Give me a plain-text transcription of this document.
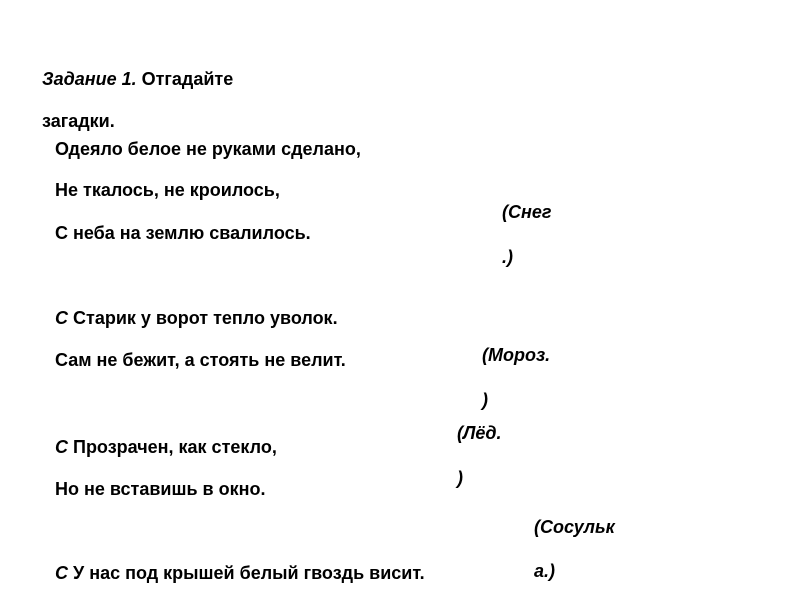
Задание 1. Отгадайте
загадки.
Одеяло белое не руками сделано,
Не ткалось, не кроилось,
С неба на землю свалилось.
(Снег
.)
С Старик у ворот тепло уволок.
Сам не бежит, а стоять не велит.	(Мороз.
)
С Прозрачен, как стекло,
Но не вставишь в окно.
(Лёд.
)
С У нас под крышей белый гвоздь висит.
(Сосульк
а.)
